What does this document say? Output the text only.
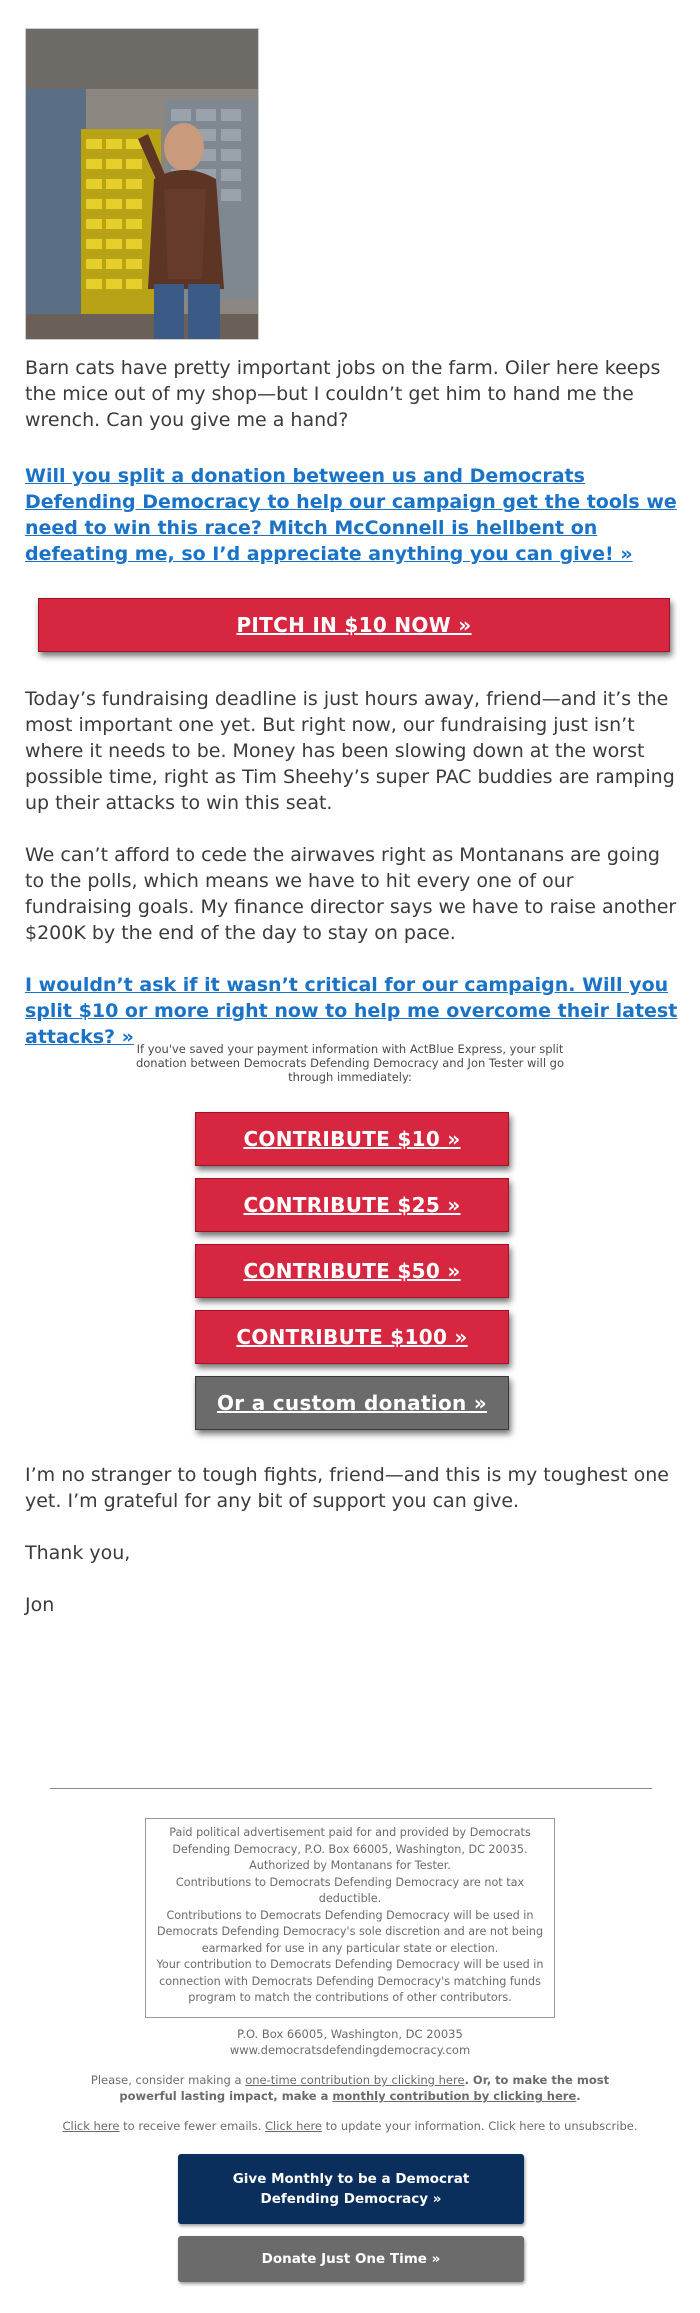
Barn cats have pretty important jobs on the farm. Oiler here keeps the mice out of my shop—but I couldn’t get him to hand me the wrench. Can you give me a hand?

Will you split a donation between us and Democrats Defending Democracy to help our campaign get the tools we need to win this race? Mitch McConnell is hellbent on defeating me, so I’d appreciate anything you can give! »
PITCH IN $10 NOW »

Today’s fundraising deadline is just hours away, friend—and it’s the most important one yet. But right now, our fundraising just isn’t where it needs to be. Money has been slowing down at the worst possible time, right as Tim Sheehy’s super PAC buddies are ramping up their attacks to win this seat.

We can’t afford to cede the airwaves right as Montanans are going to the polls, which means we have to hit every one of our fundraising goals. My finance director says we have to raise another $200K by the end of the day to stay on pace.

I wouldn’t ask if it wasn’t critical for our campaign. Will you split $10 or more right now to help me overcome their latest attacks? »

If you've saved your payment information with ActBlue Express, your split donation between Democrats Defending Democracy and Jon Tester will go through immediately:

CONTRIBUTE $10 »
CONTRIBUTE $25 »
CONTRIBUTE $50 »
CONTRIBUTE $100 »
Or a custom donation »

I’m no stranger to tough fights, friend—and this is my toughest one yet. I’m grateful for any bit of support you can give.

Thank you,

Jon

Paid political advertisement paid for and provided by Democrats Defending Democracy, P.O. Box 66005, Washington, DC 20035. Authorized by Montanans for Tester.
Contributions to Democrats Defending Democracy are not tax deductible.
Contributions to Democrats Defending Democracy will be used in Democrats Defending Democracy's sole discretion and are not being earmarked for use in any particular state or election.
Your contribution to Democrats Defending Democracy will be used in connection with Democrats Defending Democracy's matching funds program to match the contributions of other contributors.
P.O. Box 66005, Washington, DC 20035
www.democratsdefendingdemocracy.com
Please, consider making a one-time contribution by clicking here. Or, to make the most powerful lasting impact, make a monthly contribution by clicking here.
Click here to receive fewer emails. Click here to update your information. Click here to unsubscribe.
Give Monthly to be a Democrat Defending Democracy »
Donate Just One Time »
